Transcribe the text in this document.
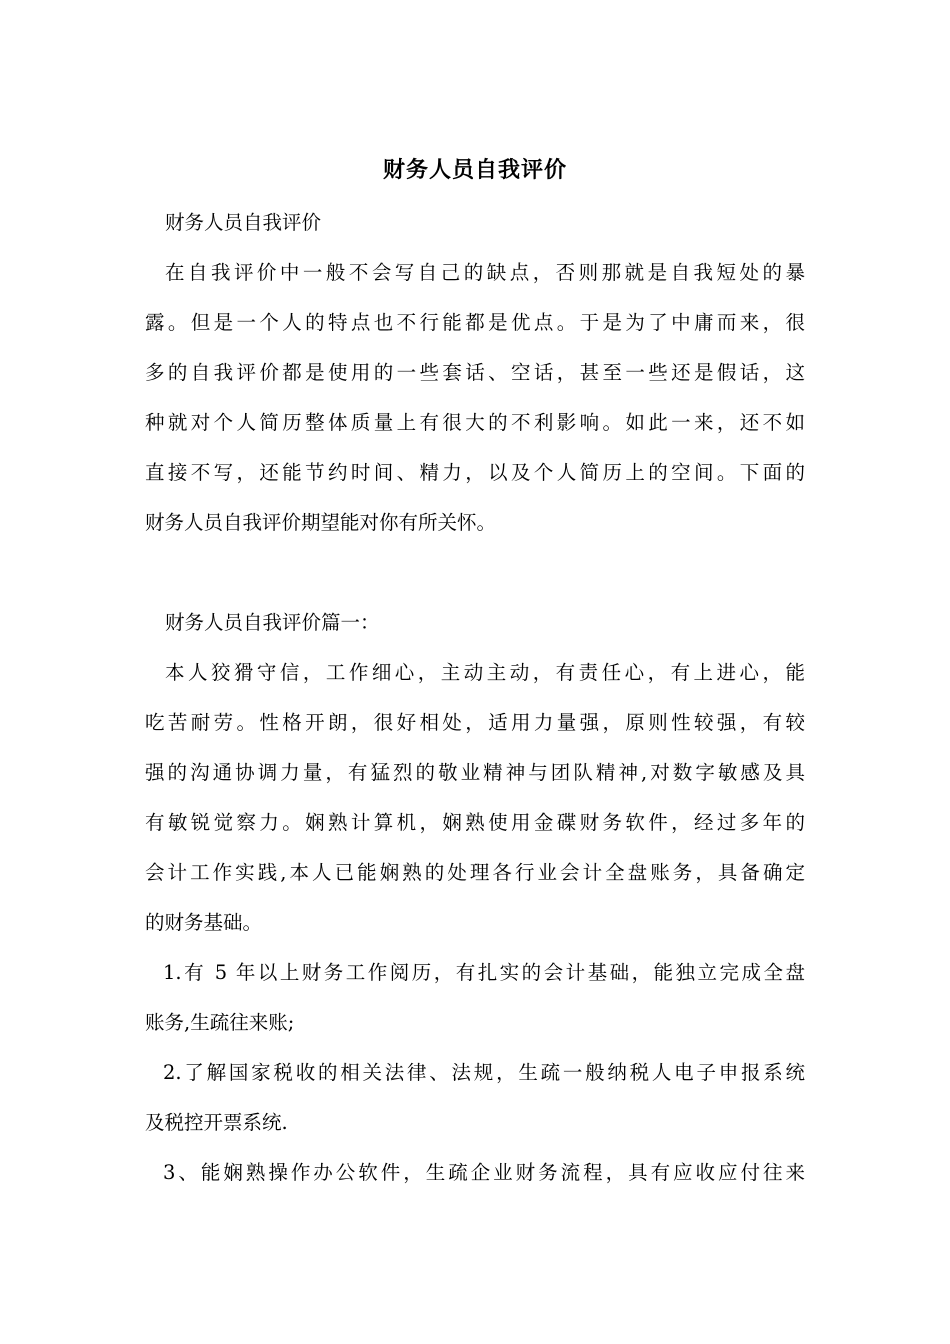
财务人员自我评价

财务人员自我评价

在自我评价中一般不会写自己的缺点，否则那就是自我短处的暴

露。但是一个人的特点也不行能都是优点。于是为了中庸而来，很

多的自我评价都是使用的一些套话、空话，甚至一些还是假话，这

种就对个人简历整体质量上有很大的不利影响。如此一来，还不如

直接不写，还能节约时间、精力，以及个人简历上的空间。下面的

财务人员自我评价期望能对你有所关怀。

财务人员自我评价篇一：

本人狡猾守信，工作细心，主动主动，有责任心，有上进心，能

吃苦耐劳。性格开朗，很好相处，适用力量强，原则性较强，有较

强的沟通协调力量，有猛烈的敬业精神与团队精神,对数字敏感及具

有敏锐觉察力。娴熟计算机，娴熟使用金碟财务软件，经过多年的

会计工作实践,本人已能娴熟的处理各行业会计全盘账务，具备确定

的财务基础。

1.有 5 年以上财务工作阅历，有扎实的会计基础，能独立完成全盘

账务,生疏往来账;

2.了解国家税收的相关法律、法规，生疏一般纳税人电子申报系统

及税控开票系统.

3、能娴熟操作办公软件，生疏企业财务流程，具有应收应付往来
